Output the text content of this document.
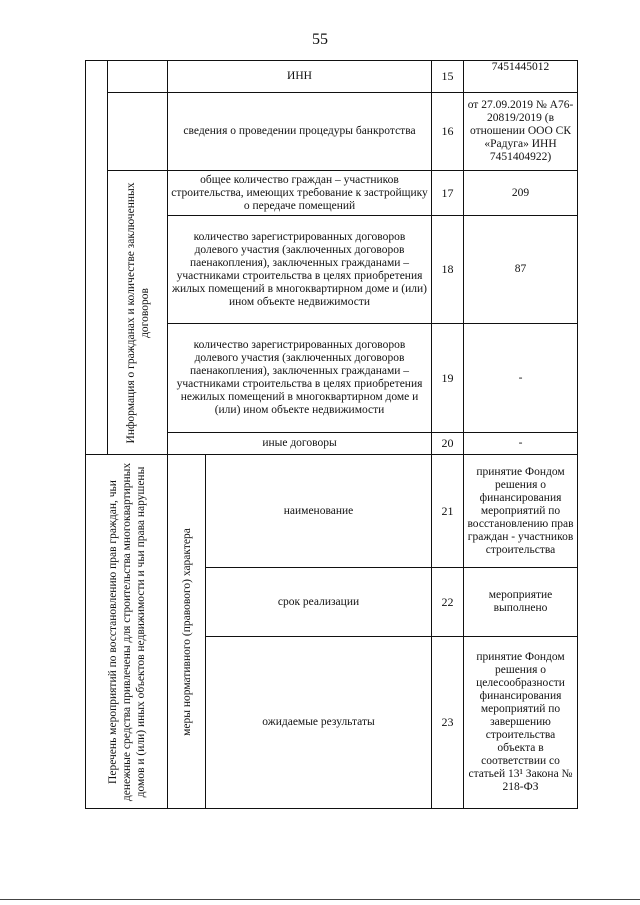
55
		ИНН		15	7451445012
		сведения о проведении процедуры банкротства		16	от 27.09.2019 № А76-20819/2019 (в отношении ООО СК «Радуга» ИНН 7451404922)

	Информация о гражданах и количестве заключенных договоров	общее количество граждан – участников строительства, имеющих требование к застройщику о передаче помещений		17	209
		количество зарегистрированных договоров долевого участия (заключенных договоров паенакопления), заключенных гражданами – участниками строительства в целях приобретения жилых помещений в многоквартирном доме и (или) ином объекте недвижимости		18	87
		количество зарегистрированных договоров долевого участия (заключенных договоров паенакопления), заключенных гражданами – участниками строительства в целях приобретения нежилых помещений в многоквартирном доме и (или) ином объекте недвижимости		19	-
		иные договоры		20	-

Перечень мероприятий по восстановлению прав граждан, чьи денежные средства привлечены для строительства многоквартирных домов и (или) иных объектов недвижимости и чьи права нарушены		меры нормативного (правового) характера	наименование	21	принятие Фондом решения о финансирования мероприятий по восстановлению прав граждан - участников строительства
			срок реализации	22	мероприятие выполнено
			ожидаемые результаты	23	принятие Фондом решения о целесообразности финансирования мероприятий по завершению строительства объекта в соответствии со статьей 13¹ Закона № 218-ФЗ
